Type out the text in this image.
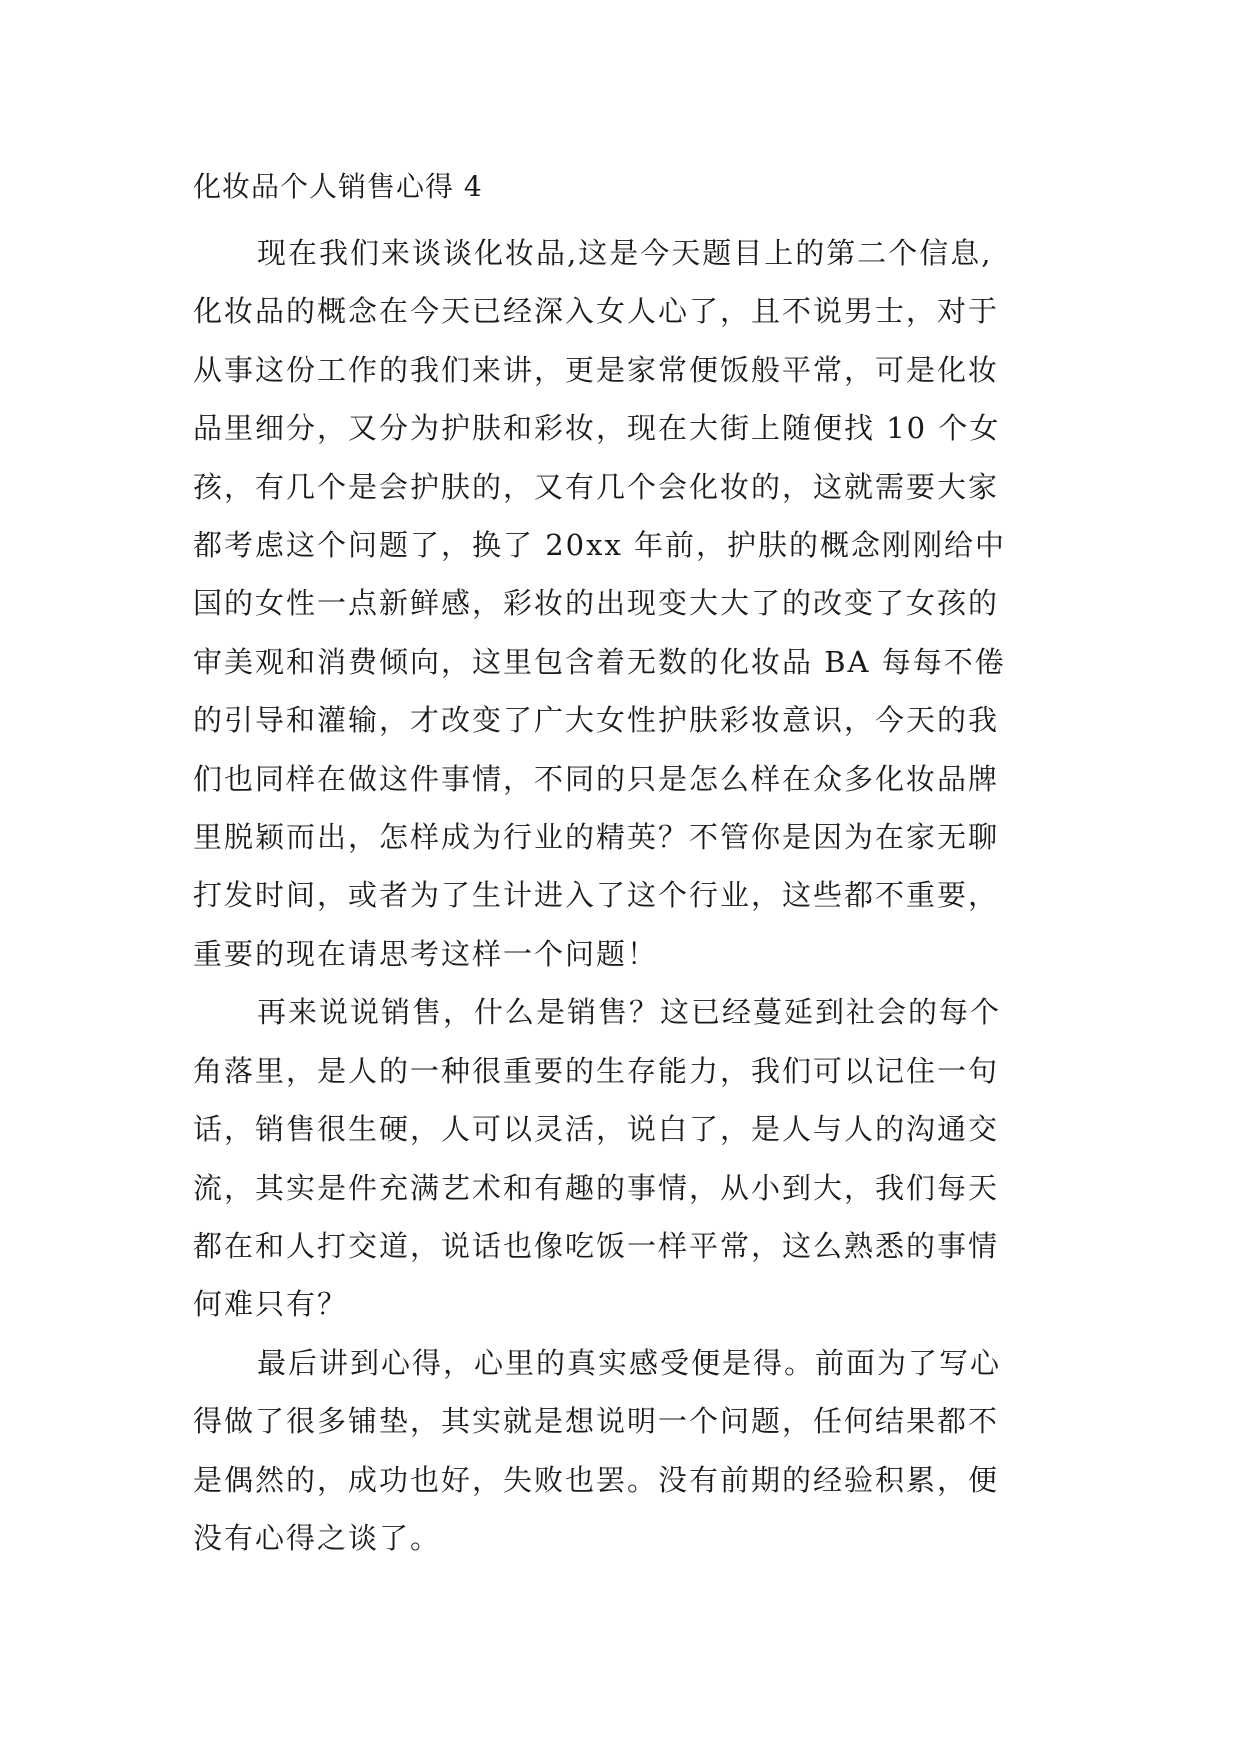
化妆品个人销售心得 4
现在我们来谈谈化妆品,这是今天题目上的第二个信息,
化妆品的概念在今天已经深入女人心了，且不说男士，对于
从事这份工作的我们来讲，更是家常便饭般平常，可是化妆
品里细分，又分为护肤和彩妆，现在大街上随便找 10 个女
孩，有几个是会护肤的，又有几个会化妆的，这就需要大家
都考虑这个问题了，换了 20xx 年前，护肤的概念刚刚给中
国的女性一点新鲜感，彩妆的出现变大大了的改变了女孩的
审美观和消费倾向，这里包含着无数的化妆品 BA 每每不倦
的引导和灌输，才改变了广大女性护肤彩妆意识，今天的我
们也同样在做这件事情，不同的只是怎么样在众多化妆品牌
里脱颖而出，怎样成为行业的精英？不管你是因为在家无聊
打发时间，或者为了生计进入了这个行业，这些都不重要，
重要的现在请思考这样一个问题！
再来说说销售，什么是销售？这已经蔓延到社会的每个
角落里，是人的一种很重要的生存能力，我们可以记住一句
话，销售很生硬，人可以灵活，说白了，是人与人的沟通交
流，其实是件充满艺术和有趣的事情，从小到大，我们每天
都在和人打交道，说话也像吃饭一样平常，这么熟悉的事情
何难只有？
最后讲到心得，心里的真实感受便是得。前面为了写心
得做了很多铺垫，其实就是想说明一个问题，任何结果都不
是偶然的，成功也好，失败也罢。没有前期的经验积累，便
没有心得之谈了。
